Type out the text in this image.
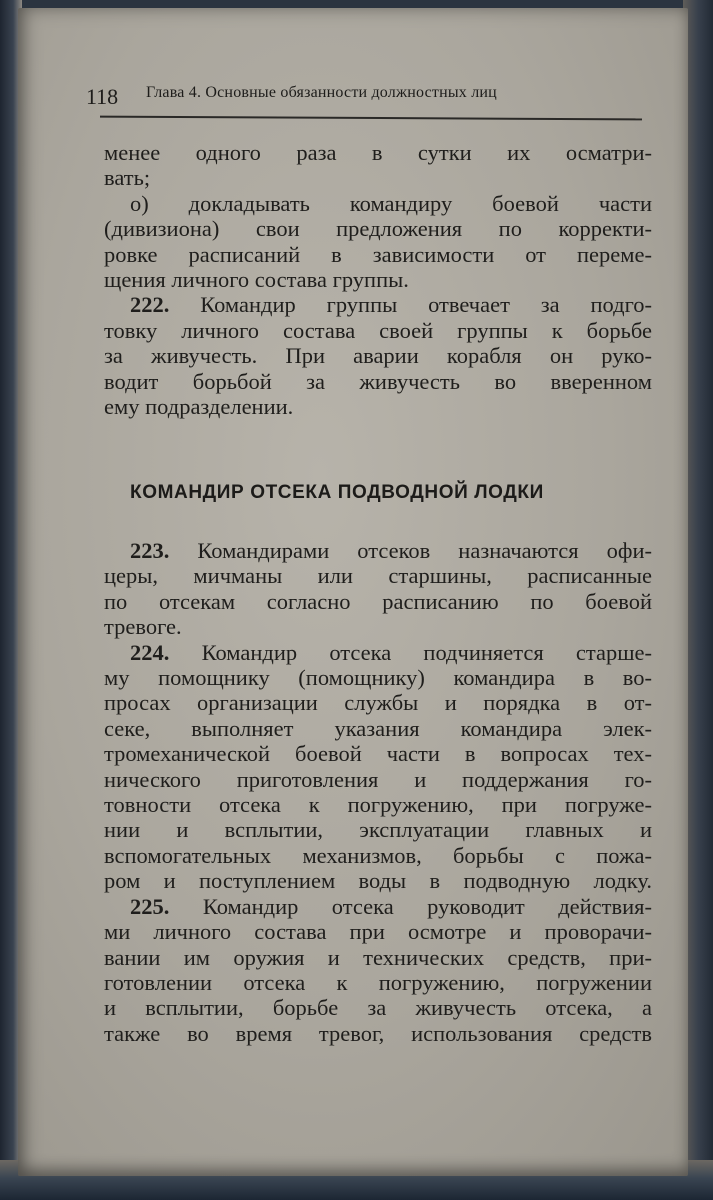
118 Глава 4. Основные обязанности должностных лиц
менее одного раза в сутки их осматри-
вать;
о) докладывать командиру боевой части
(дивизиона) свои предложения по корректи-
ровке расписаний в зависимости от переме-
щения личного состава группы.
222. Командир группы отвечает за подго-
товку личного состава своей группы к борьбе
за живучесть. При аварии корабля он руко-
водит борьбой за живучесть во вверенном
ему подразделении.
КОМАНДИР ОТСЕКА ПОДВОДНОЙ ЛОДКИ
223. Командирами отсеков назначаются офи-
церы, мичманы или старшины, расписанные
по отсекам согласно расписанию по боевой
тревоге.
224. Командир отсека подчиняется старше-
му помощнику (помощнику) командира в во-
просах организации службы и порядка в от-
секе, выполняет указания командира элек-
тромеханической боевой части в вопросах тех-
нического приготовления и поддержания го-
товности отсека к погружению, при погруже-
нии и всплытии, эксплуатации главных и
вспомогательных механизмов, борьбы с пожа-
ром и поступлением воды в подводную лодку.
225. Командир отсека руководит действия-
ми личного состава при осмотре и проворачи-
вании им оружия и технических средств, при-
готовлении отсека к погружению, погружении
и всплытии, борьбе за живучесть отсека, а
также во время тревог, использования средств
